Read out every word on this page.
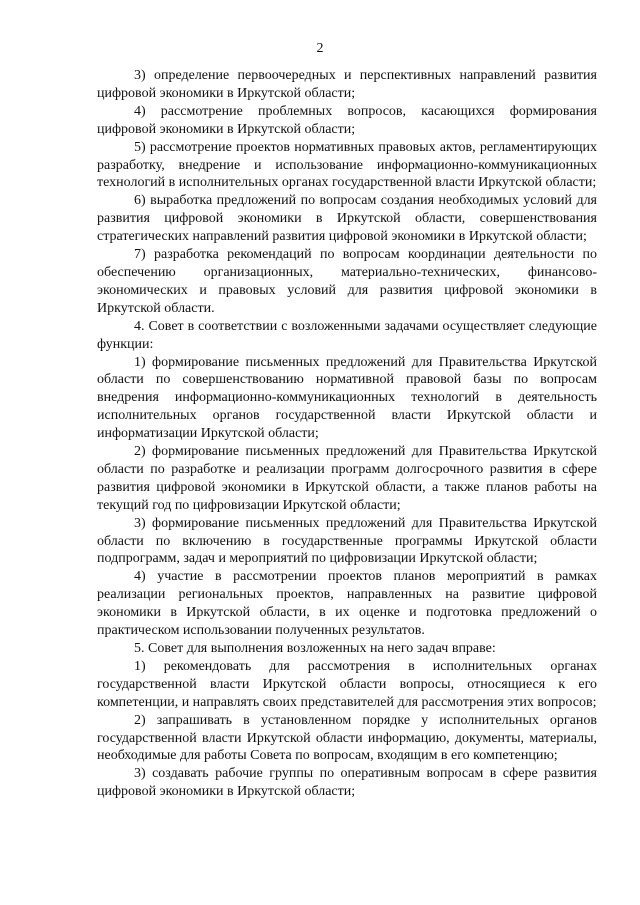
2

3) определение первоочередных и перспективных направлений развития цифровой экономики в Иркутской области;

4) рассмотрение проблемных вопросов, касающихся формирования цифровой экономики в Иркутской области;

5) рассмотрение проектов нормативных правовых актов, регламентирующих разработку, внедрение и использование информационно-коммуникационных технологий в исполнительных органах государственной власти Иркутской области;

6) выработка предложений по вопросам создания необходимых условий для развития цифровой экономики в Иркутской области, совершенствования стратегических направлений развития цифровой экономики в Иркутской области;

7) разработка рекомендаций по вопросам координации деятельности по обеспечению организационных, материально-технических, финансово-экономических и правовых условий для развития цифровой экономики в Иркутской области.

4. Совет в соответствии с возложенными задачами осуществляет следующие функции:

1) формирование письменных предложений для Правительства Иркутской области по совершенствованию нормативной правовой базы по вопросам внедрения информационно-коммуникационных технологий в деятельность исполнительных органов государственной власти Иркутской области и информатизации Иркутской области;

2) формирование письменных предложений для Правительства Иркутской области по разработке и реализации программ долгосрочного развития в сфере развития цифровой экономики в Иркутской области, а также планов работы на текущий год по цифровизации Иркутской области;

3) формирование письменных предложений для Правительства Иркутской области по включению в государственные программы Иркутской области подпрограмм, задач и мероприятий по цифровизации Иркутской области;

4) участие в рассмотрении проектов планов мероприятий в рамках реализации региональных проектов, направленных на развитие цифровой экономики в Иркутской области, в их оценке и подготовка предложений о практическом использовании полученных результатов.

5. Совет для выполнения возложенных на него задач вправе:

1) рекомендовать для рассмотрения в исполнительных органах государственной власти Иркутской области вопросы, относящиеся к его компетенции, и направлять своих представителей для рассмотрения этих вопросов;

2) запрашивать в установленном порядке у исполнительных органов государственной власти Иркутской области информацию, документы, материалы, необходимые для работы Совета по вопросам, входящим в его компетенцию;

3) создавать рабочие группы по оперативным вопросам в сфере развития цифровой экономики в Иркутской области;
